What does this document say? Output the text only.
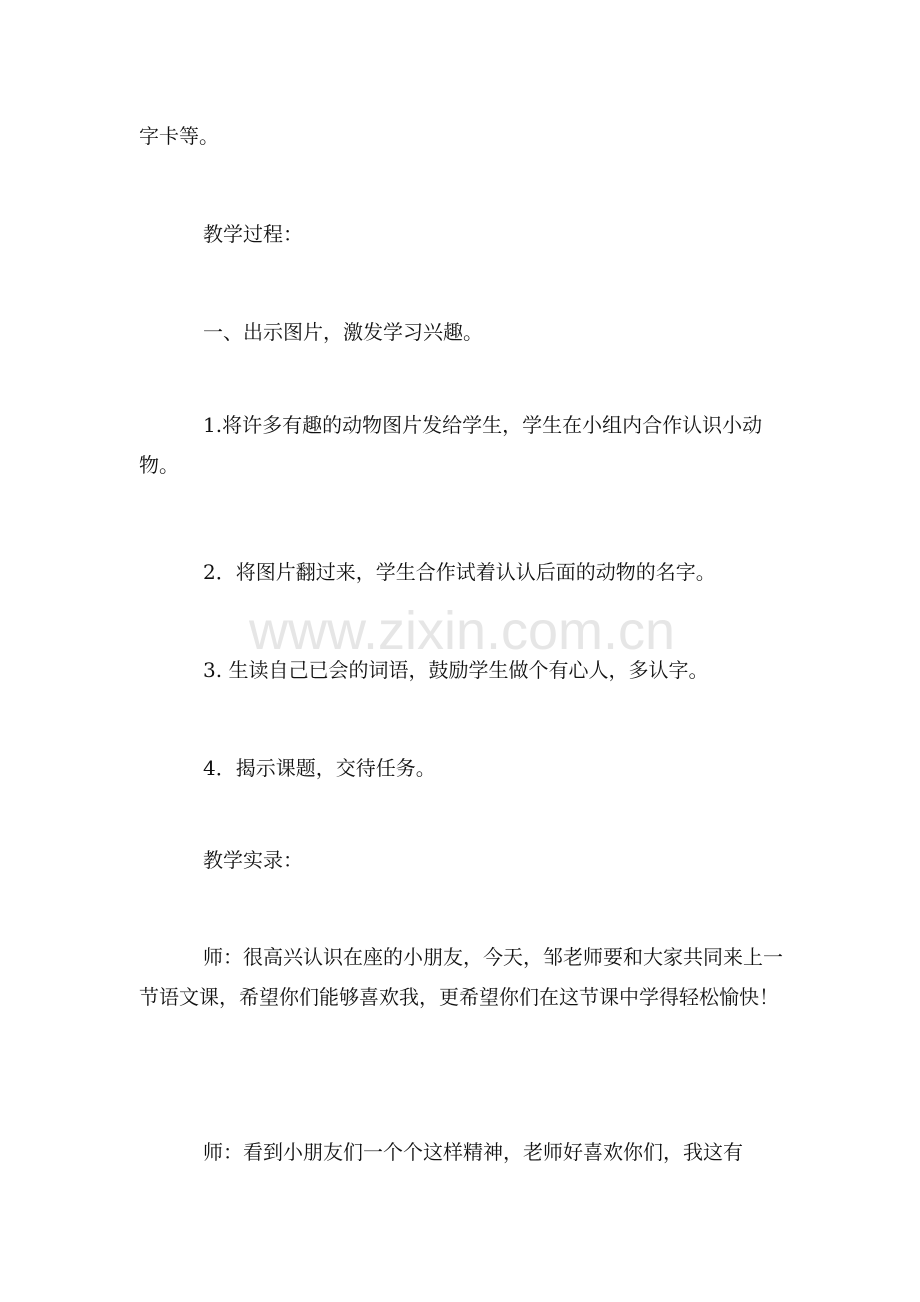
字卡等。

教学过程：

一、出示图片，激发学习兴趣。

1.将许多有趣的动物图片发给学生，学生在小组内合作认识小动物。

2．将图片翻过来，学生合作试着认认后面的动物的名字。

3. 生读自己已会的词语，鼓励学生做个有心人，多认字。

4．揭示课题，交待任务。

教学实录：

师：很高兴认识在座的小朋友，今天，邹老师要和大家共同来上一节语文课，希望你们能够喜欢我，更希望你们在这节课中学得轻松愉快！

师：看到小朋友们一个个这样精神，老师好喜欢你们，我这有

www.zixin.com.cn
